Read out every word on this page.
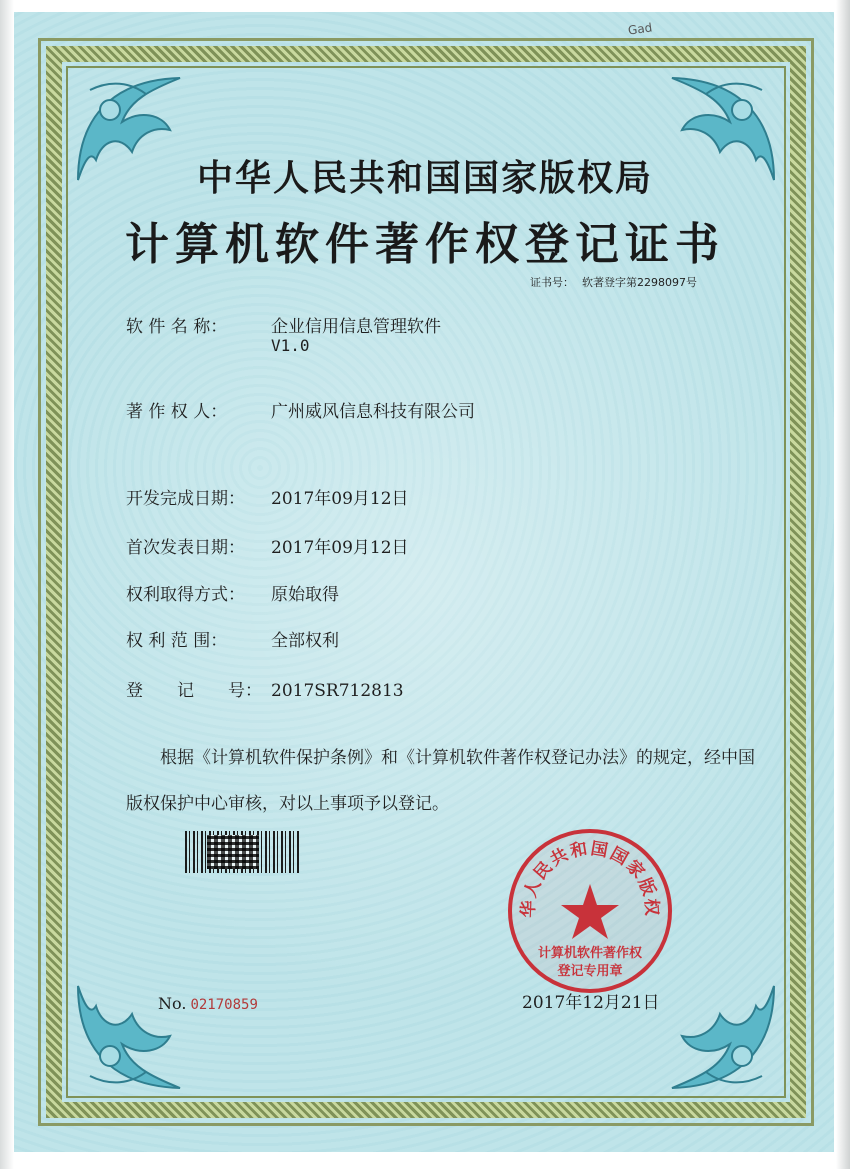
Gad
中华人民共和国国家版权局
计算机软件著作权登记证书
证书号： 软著登字第2298097号
软 件 名 称：	企业信用信息管理软件
V1.0
著 作 权 人：	广州威风信息科技有限公司
开发完成日期： 2017年09月12日
首次发表日期： 2017年09月12日
权利取得方式： 原始取得
权 利 范 围：	全部权利
登　　记　　号： 2017SR712813
根据《计算机软件保护条例》和《计算机软件著作权登记办法》的规定，经中国版权保护中心审核，对以上事项予以登记。
华人民共和国国家版权
计算机软件著作权
登记专用章
No. 02170859	2017年12月21日
